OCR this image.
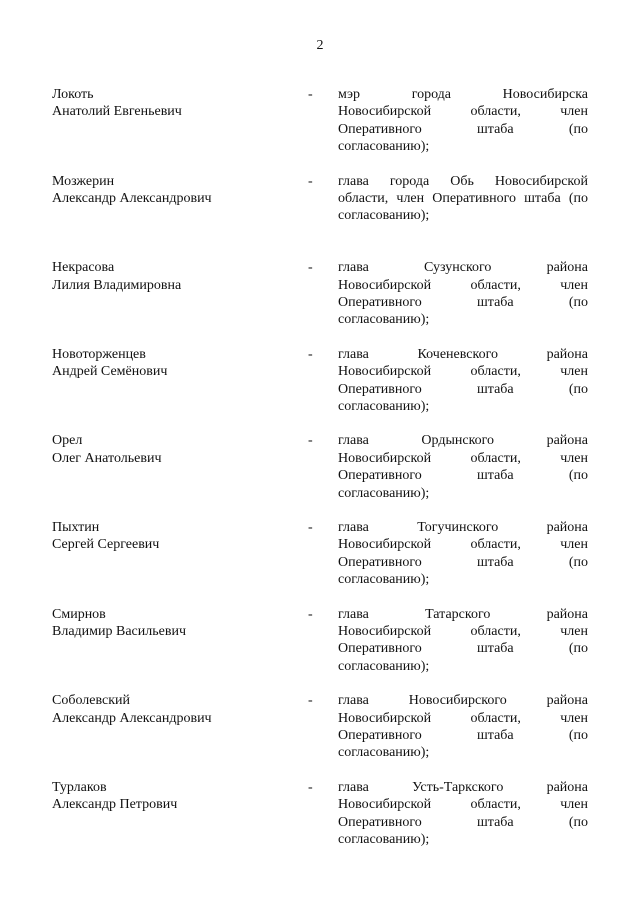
2
Локоть
Анатолий Евгеньевич
- мэр города Новосибирска
Новосибирской области, член
Оперативного штаба (по
согласованию);
Мозжерин
Александр Александрович
- глава города Обь Новосибирской
области, член Оперативного штаба (по
согласованию);
Некрасова
Лилия Владимировна
- глава Сузунского района
Новосибирской области, член
Оперативного штаба (по
согласованию);
Новоторженцев
Андрей Семёнович
- глава Коченевского района
Новосибирской области, член
Оперативного штаба (по
согласованию);
Орел
Олег Анатольевич
- глава Ордынского района
Новосибирской области, член
Оперативного штаба (по
согласованию);
Пыхтин
Сергей Сергеевич
- глава Тогучинского района
Новосибирской области, член
Оперативного штаба (по
согласованию);
Смирнов
Владимир Васильевич
- глава Татарского района
Новосибирской области, член
Оперативного штаба (по
согласованию);
Соболевский
Александр Александрович
- глава Новосибирского района
Новосибирской области, член
Оперативного штаба (по
согласованию);
Турлаков
Александр Петрович
- глава Усть-Таркского района
Новосибирской области, член
Оперативного штаба (по
согласованию);
